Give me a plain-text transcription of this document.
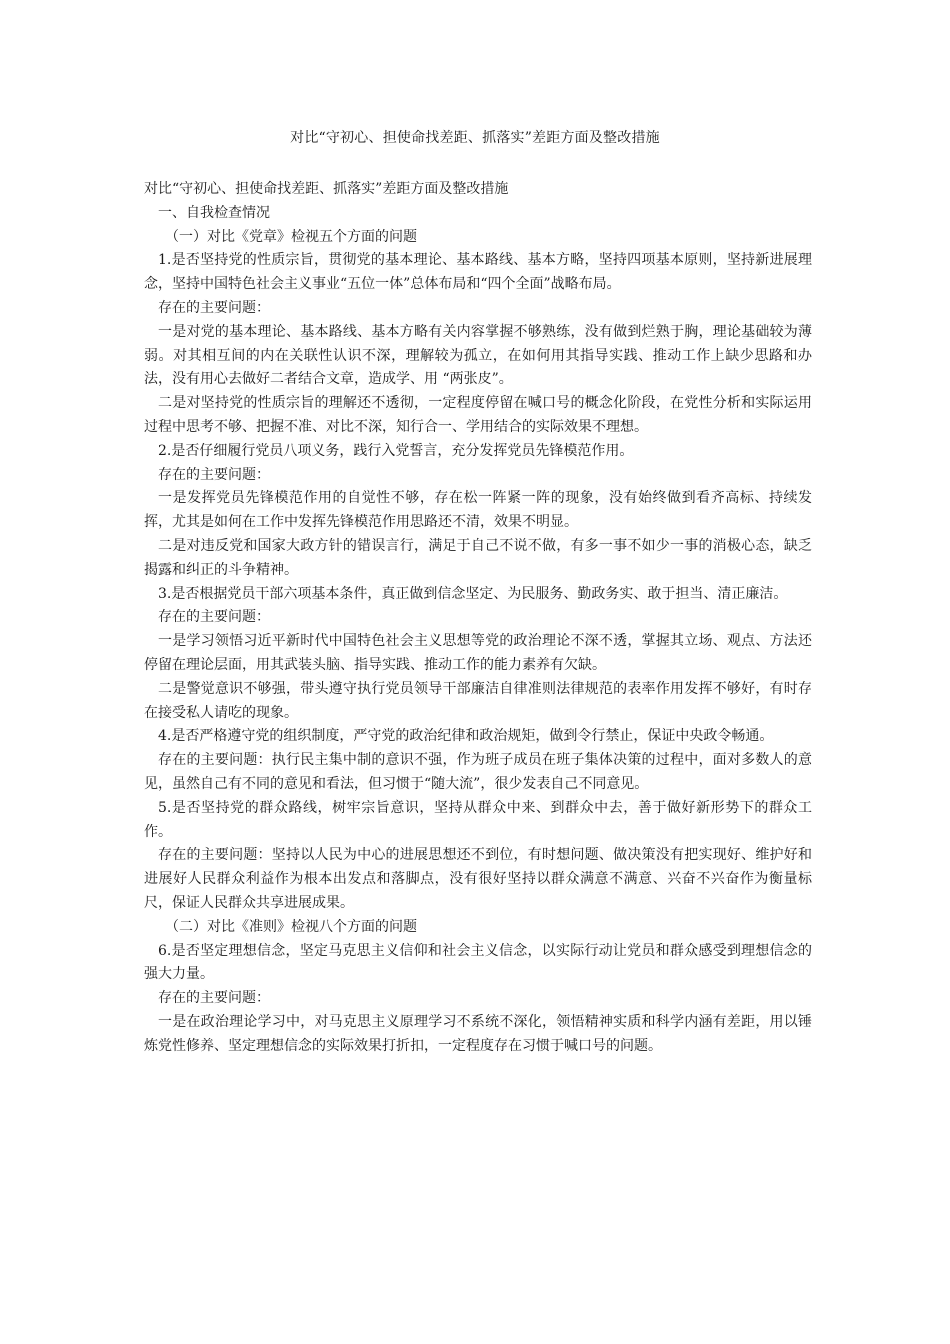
对比“守初心、担使命找差距、抓落实”差距方面及整改措施

对比“守初心、担使命找差距、抓落实”差距方面及整改措施

一、自我检查情况

（一）对比《党章》检视五个方面的问题

1.是否坚持党的性质宗旨，贯彻党的基本理论、基本路线、基本方略，坚持四项基本原则，坚持新进展理念，坚持中国特色社会主义事业“五位一体”总体布局和“四个全面”战略布局。

存在的主要问题：

一是对党的基本理论、基本路线、基本方略有关内容掌握不够熟练，没有做到烂熟于胸，理论基础较为薄弱。对其相互间的内在关联性认识不深，理解较为孤立，在如何用其指导实践、推动工作上缺少思路和办法，没有用心去做好二者结合文章，造成学、用 “两张皮”。

二是对坚持党的性质宗旨的理解还不透彻，一定程度停留在喊口号的概念化阶段，在党性分析和实际运用过程中思考不够、把握不准、对比不深，知行合一、学用结合的实际效果不理想。

2.是否仔细履行党员八项义务，践行入党誓言，充分发挥党员先锋模范作用。

存在的主要问题：

一是发挥党员先锋模范作用的自觉性不够，存在松一阵紧一阵的现象，没有始终做到看齐高标、持续发挥，尤其是如何在工作中发挥先锋模范作用思路还不清，效果不明显。

二是对违反党和国家大政方针的错误言行，满足于自己不说不做，有多一事不如少一事的消极心态，缺乏揭露和纠正的斗争精神。

3.是否根据党员干部六项基本条件，真正做到信念坚定、为民服务、勤政务实、敢于担当、清正廉洁。

存在的主要问题：

一是学习领悟习近平新时代中国特色社会主义思想等党的政治理论不深不透，掌握其立场、观点、方法还停留在理论层面，用其武装头脑、指导实践、推动工作的能力素养有欠缺。

二是警觉意识不够强，带头遵守执行党员领导干部廉洁自律准则法律规范的表率作用发挥不够好，有时存在接受私人请吃的现象。

4.是否严格遵守党的组织制度，严守党的政治纪律和政治规矩，做到令行禁止，保证中央政令畅通。

存在的主要问题：执行民主集中制的意识不强，作为班子成员在班子集体决策的过程中，面对多数人的意见，虽然自己有不同的意见和看法，但习惯于“随大流”，很少发表自己不同意见。

5.是否坚持党的群众路线，树牢宗旨意识，坚持从群众中来、到群众中去，善于做好新形势下的群众工作。

存在的主要问题：坚持以人民为中心的进展思想还不到位，有时想问题、做决策没有把实现好、维护好和进展好人民群众利益作为根本出发点和落脚点，没有很好坚持以群众满意不满意、兴奋不兴奋作为衡量标尺，保证人民群众共享进展成果。

（二）对比《准则》检视八个方面的问题

6.是否坚定理想信念，坚定马克思主义信仰和社会主义信念，以实际行动让党员和群众感受到理想信念的强大力量。

存在的主要问题：

一是在政治理论学习中，对马克思主义原理学习不系统不深化，领悟精神实质和科学内涵有差距，用以锤炼党性修养、坚定理想信念的实际效果打折扣，一定程度存在习惯于喊口号的问题。
